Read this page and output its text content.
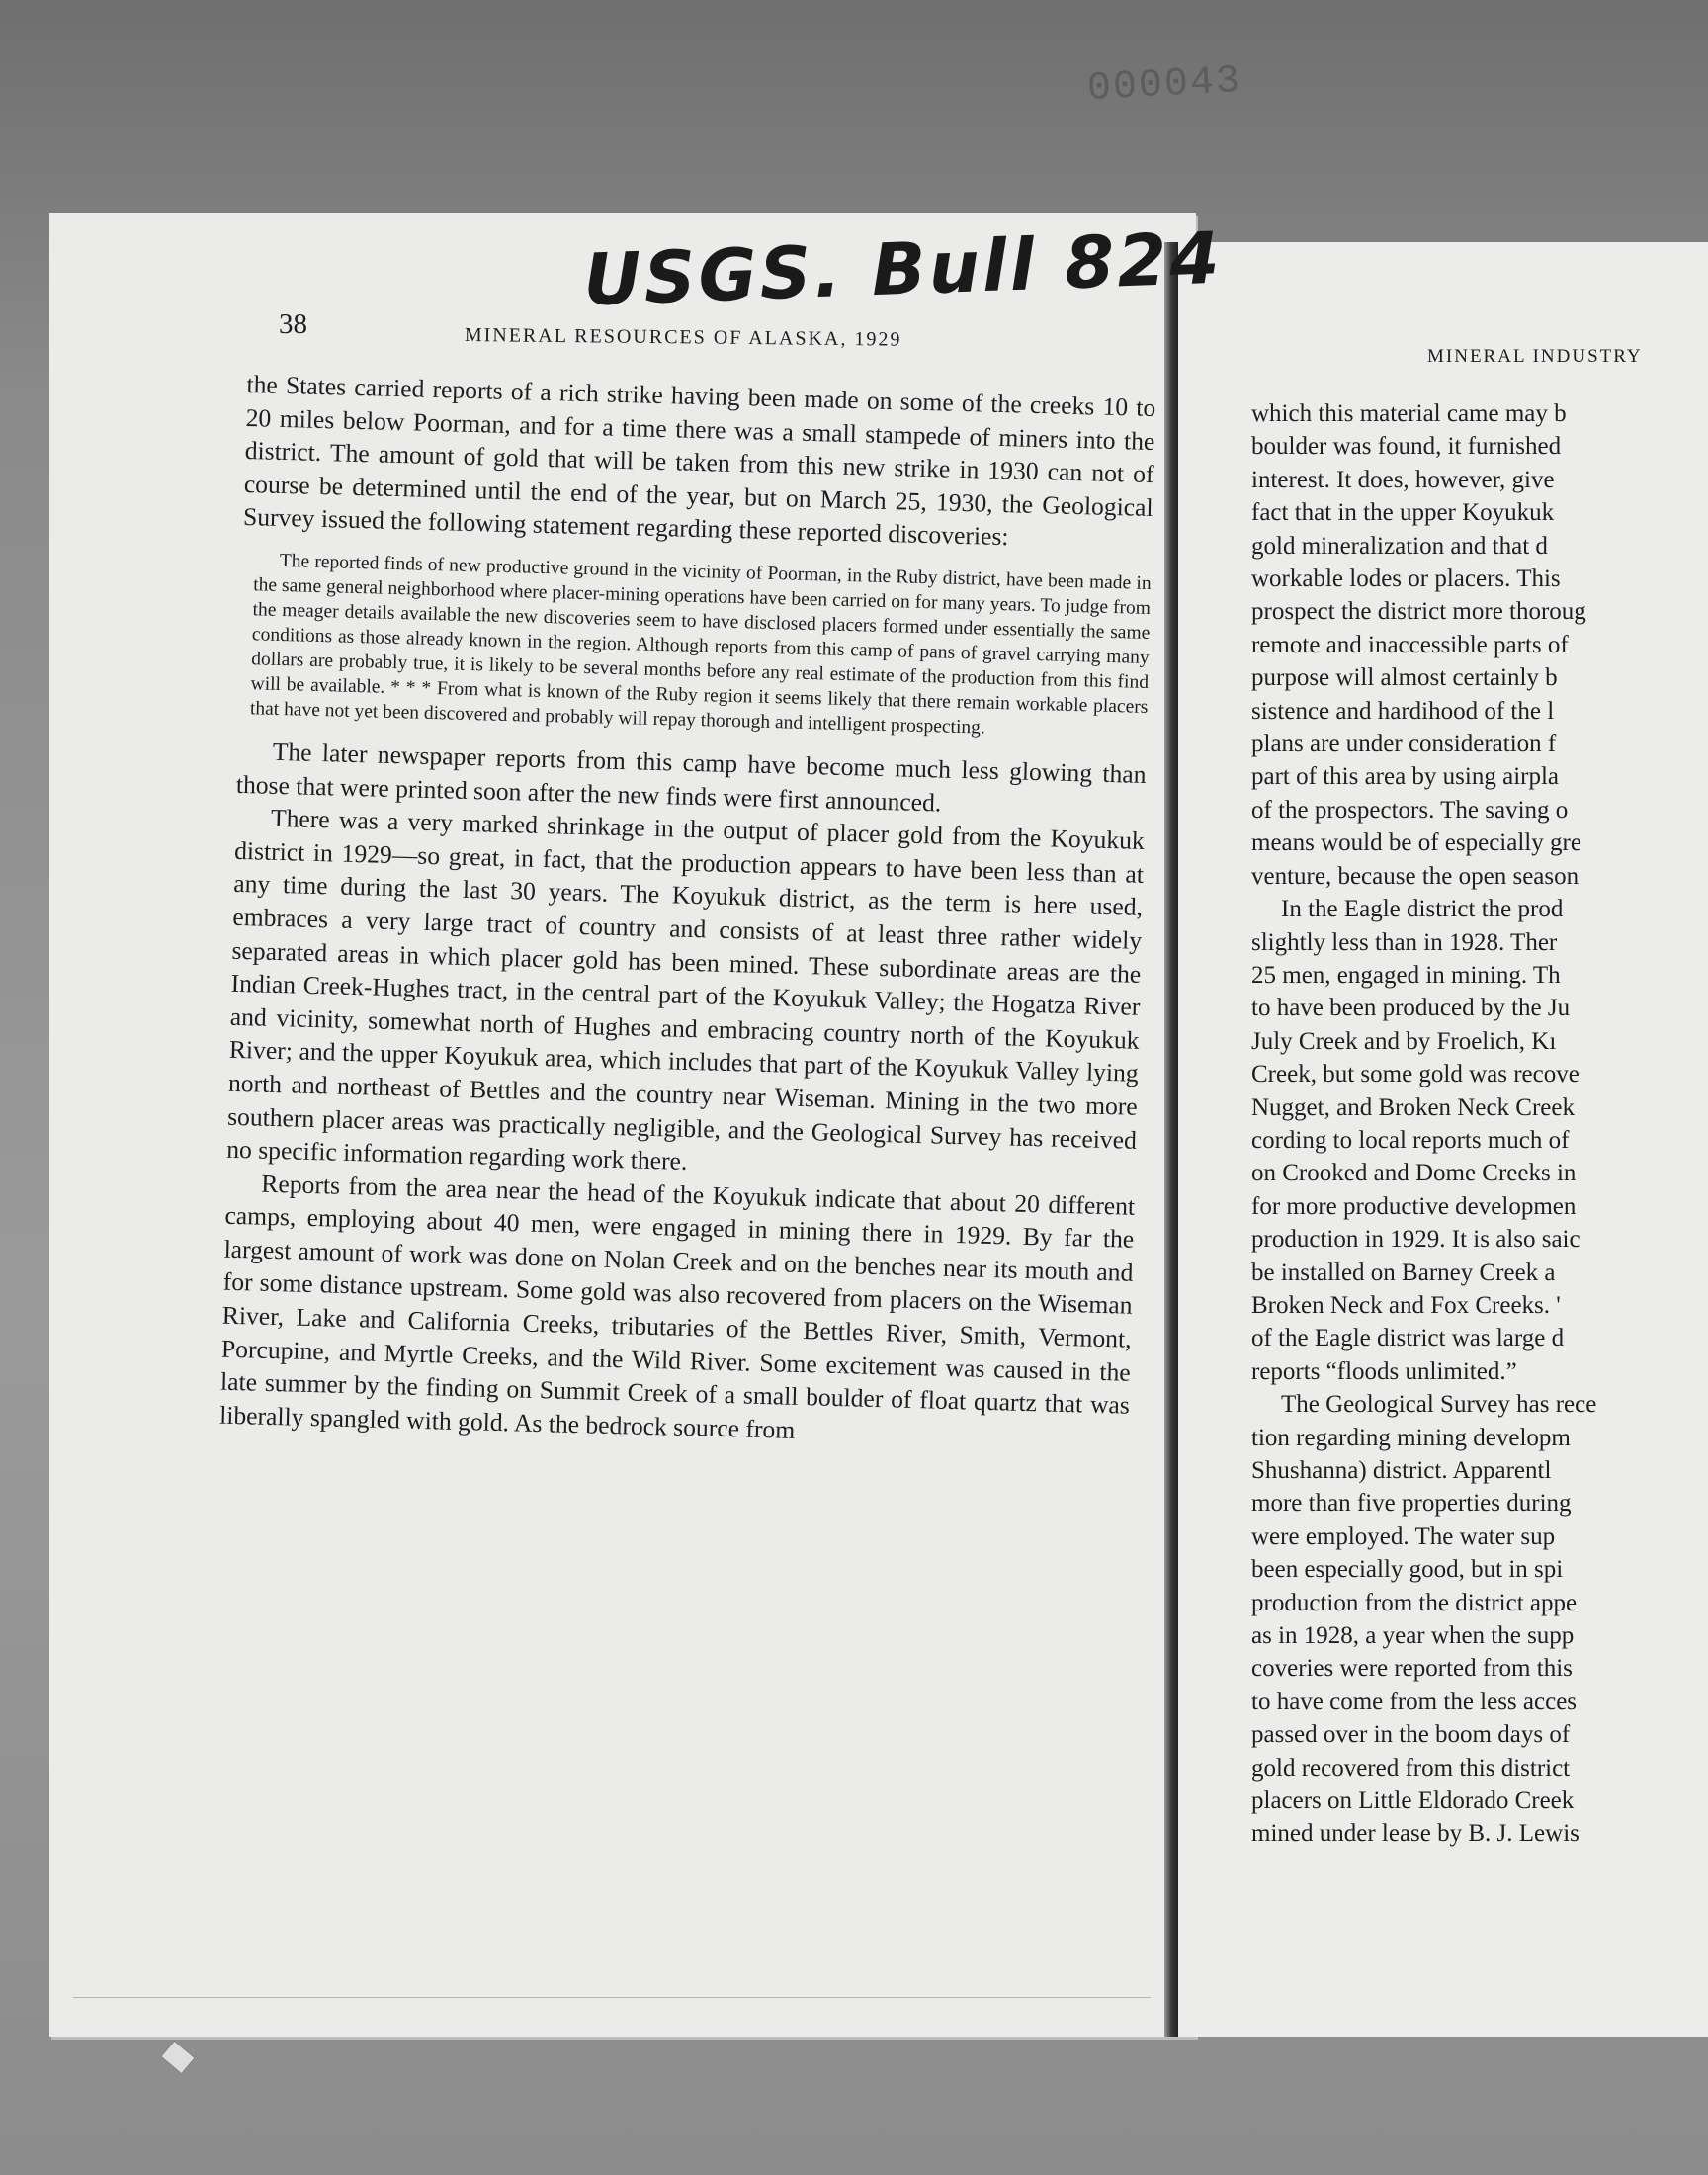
000043
USGS. Bull 824
38	MINERAL RESOURCES OF ALASKA, 1929

the States carried reports of a rich strike having been made on some of the creeks 10 to 20 miles below Poorman, and for a time there was a small stampede of miners into the district. The amount of gold that will be taken from this new strike in 1930 can not of course be determined until the end of the year, but on March 25, 1930, the Geological Survey issued the following statement regarding these reported discoveries:

The reported finds of new productive ground in the vicinity of Poorman, in the Ruby district, have been made in the same general neighborhood where placer-mining operations have been carried on for many years. To judge from the meager details available the new discoveries seem to have disclosed placers formed under essentially the same conditions as those already known in the region. Although reports from this camp of pans of gravel carrying many dollars are probably true, it is likely to be several months before any real estimate of the production from this find will be available. * * * From what is known of the Ruby region it seems likely that there remain workable placers that have not yet been discovered and probably will repay thorough and intelligent prospecting.

The later newspaper reports from this camp have become much less glowing than those that were printed soon after the new finds were first announced.

There was a very marked shrinkage in the output of placer gold from the Koyukuk district in 1929—so great, in fact, that the production appears to have been less than at any time during the last 30 years. The Koyukuk district, as the term is here used, embraces a very large tract of country and consists of at least three rather widely separated areas in which placer gold has been mined. These subordinate areas are the Indian Creek-Hughes tract, in the central part of the Koyukuk Valley; the Hogatza River and vicinity, somewhat north of Hughes and embracing country north of the Koyukuk River; and the upper Koyukuk area, which includes that part of the Koyukuk Valley lying north and northeast of Bettles and the country near Wiseman. Mining in the two more southern placer areas was practically negligible, and the Geological Survey has received no specific information regarding work there.

Reports from the area near the head of the Koyukuk indicate that about 20 different camps, employing about 40 men, were engaged in mining there in 1929. By far the largest amount of work was done on Nolan Creek and on the benches near its mouth and for some distance upstream. Some gold was also recovered from placers on the Wiseman River, Lake and California Creeks, tributaries of the Bettles River, Smith, Vermont, Porcupine, and Myrtle Creeks, and the Wild River. Some excitement was caused in the late summer by the finding on Summit Creek of a small boulder of float quartz that was liberally spangled with gold. As the bedrock source from

MINERAL INDUSTRY
which this material came may b
boulder was found, it furnished
interest. It does, however, give
fact that in the upper Koyukuk
gold mineralization and that d
workable lodes or placers. This
prospect the district more thoroug
remote and inaccessible parts of
purpose will almost certainly b
sistence and hardihood of the l
plans are under consideration f
part of this area by using airpla
of the prospectors. The saving o
means would be of especially gre
venture, because the open season
In the Eagle district the prod
slightly less than in 1928. Ther
25 men, engaged in mining. Th
to have been produced by the Ju
July Creek and by Froelich, Kı
Creek, but some gold was recove
Nugget, and Broken Neck Creek
cording to local reports much of
on Crooked and Dome Creeks in
for more productive developmen
production in 1929. It is also saic
be installed on Barney Creek a
Broken Neck and Fox Creeks. '
of the Eagle district was large d
reports “floods unlimited.”
The Geological Survey has rece
tion regarding mining developm
Shushanna) district. Apparentl
more than five properties during
were employed. The water sup
been especially good, but in spi
production from the district appe
as in 1928, a year when the supp
coveries were reported from this
to have come from the less acces
passed over in the boom days of
gold recovered from this district
placers on Little Eldorado Creek
mined under lease by B. J. Lewis
